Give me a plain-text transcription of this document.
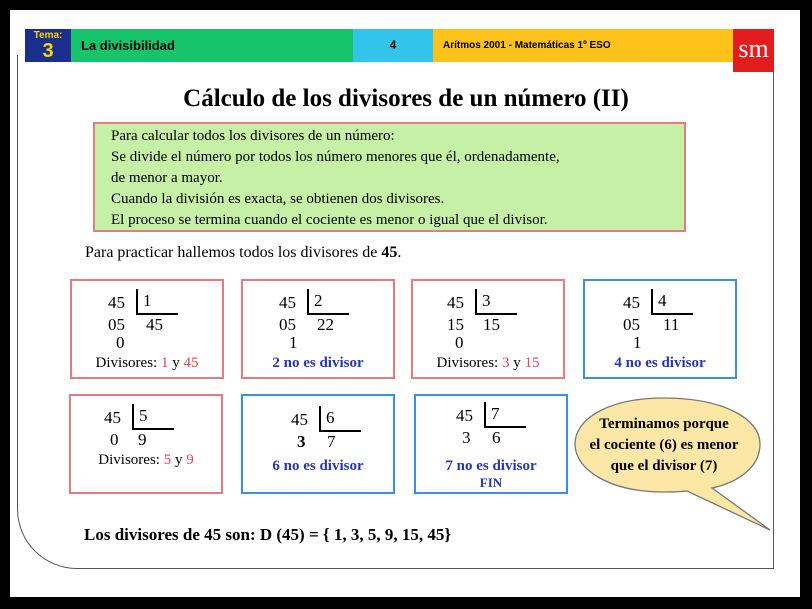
Tema:
3	La divisibilidad	4	Arítmos 2001 - Matemáticas 1º ESO	sm
Cálculo de los divisores de un número (II)
Para calcular todos los divisores de un número:
Se divide el número por todos los número menores que él, ordenadamente,
de menor a mayor.
Cuando la división es exacta, se obtienen dos divisores.
El proceso se termina cuando el cociente es menor o igual que el divisor.
Para practicar hallemos todos los divisores de 45.
45 1
05 45
0
Divisores: 1 y 45
45 2
05 22
1
2 no es divisor
45 3
15 15
0
Divisores: 3 y 15
45 4
05 11
1
4 no es divisor
45 5
0 9
Divisores: 5 y 9
45 6
3 7
6 no es divisor
45 7
3 6
7 no es divisor
FIN
Terminamos porque
el cociente (6) es menor
que el divisor (7)
Los divisores de 45 son: D (45) = { 1, 3, 5, 9, 15, 45}
